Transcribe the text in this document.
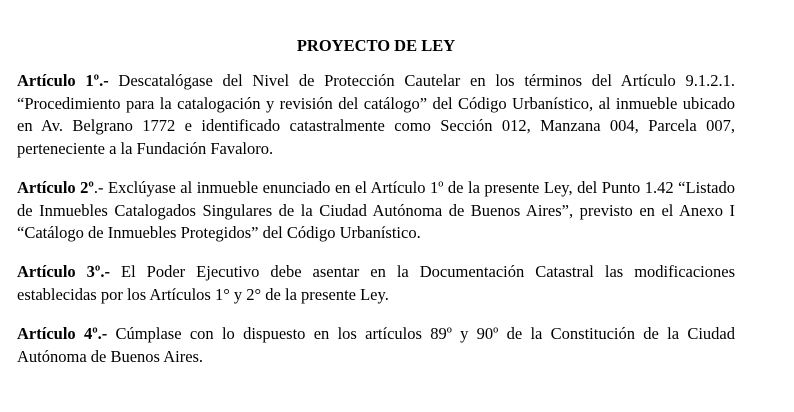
PROYECTO DE LEY

Artículo 1º.- Descatalógase del Nivel de Protección Cautelar en los términos del Artículo 9.1.2.1. “Procedimiento para la catalogación y revisión del catálogo” del Código Urbanístico, al inmueble ubicado en Av. Belgrano 1772 e identificado catastralmente como Sección 012, Manzana 004, Parcela 007, perteneciente a la Fundación Favaloro.

Artículo 2º.- Exclúyase al inmueble enunciado en el Artículo 1º de la presente Ley, del Punto 1.42 “Listado de Inmuebles Catalogados Singulares de la Ciudad Autónoma de Buenos Aires”, previsto en el Anexo I “Catálogo de Inmuebles Protegidos” del Código Urbanístico.

Artículo 3º.- El Poder Ejecutivo debe asentar en la Documentación Catastral las modificaciones establecidas por los Artículos 1° y 2° de la presente Ley.

Artículo 4º.- Cúmplase con lo dispuesto en los artículos 89º y 90º de la Constitución de la Ciudad Autónoma de Buenos Aires.
